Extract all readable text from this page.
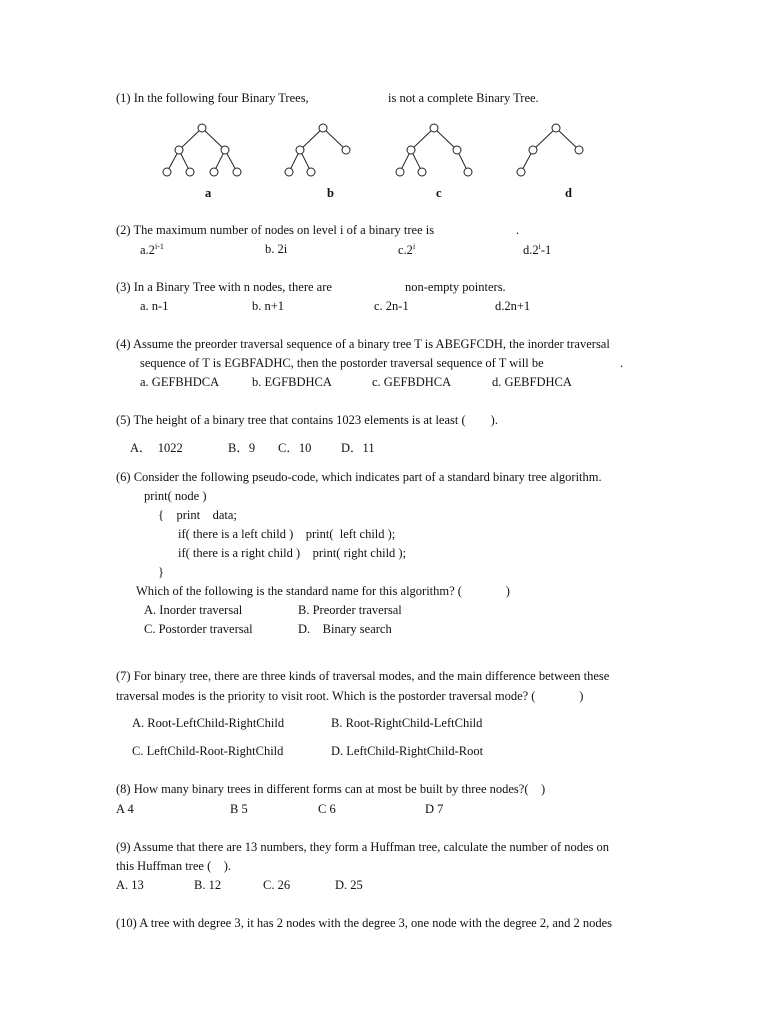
(1) In the following four Binary Trees,	is not a complete Binary Tree.
a	b	c	d
(2) The maximum number of nodes on level i of a binary tree is	.
a.2$^{i-1}$	b. 2i	c.2$^i$	d.2$^i$-1
(3) In a Binary Tree with n nodes, there are	non-empty pointers.
a. n-1	b. n+1	c. 2n-1	d.2n+1
(4) Assume the preorder traversal sequence of a binary tree T is ABEGFCDH, the inorder traversal
sequence of T is EGBFADHC, then the postorder traversal sequence of T will be	.
a. GEFBHDCA	b. EGFBDHCA	c. GEFBDHCA	d. GEBFDHCA
(5) The height of a binary tree that contains 1023 elements is at least (        ).
A．  1022	B．9 C．10 D．11
(6) Consider the following pseudo-code, which indicates part of a standard binary tree algorithm.
print( node )
{    print    data;
if( there is a left child )    print(  left child );
if( there is a right child )    print( right child );
}
Which of the following is the standard name for this algorithm? (              )
A. Inorder traversal	B. Preorder traversal
C. Postorder traversal	D.    Binary search
(7) For binary tree, there are three kinds of traversal modes, and the main difference between these
traversal modes is the priority to visit root. Which is the postorder traversal mode? (              )
A. Root-LeftChild-RightChild	B. Root-RightChild-LeftChild
C. LeftChild-Root-RightChild	D. LeftChild-RightChild-Root
(8) How many binary trees in different forms can at most be built by three nodes?(    )
A 4	B 5	C 6	D 7
(9) Assume that there are 13 numbers, they form a Huffman tree, calculate the number of nodes on
this Huffman tree (    ).
A. 13	B. 12	C. 26	D. 25
(10) A tree with degree 3, it has 2 nodes with the degree 3, one node with the degree 2, and 2 nodes
